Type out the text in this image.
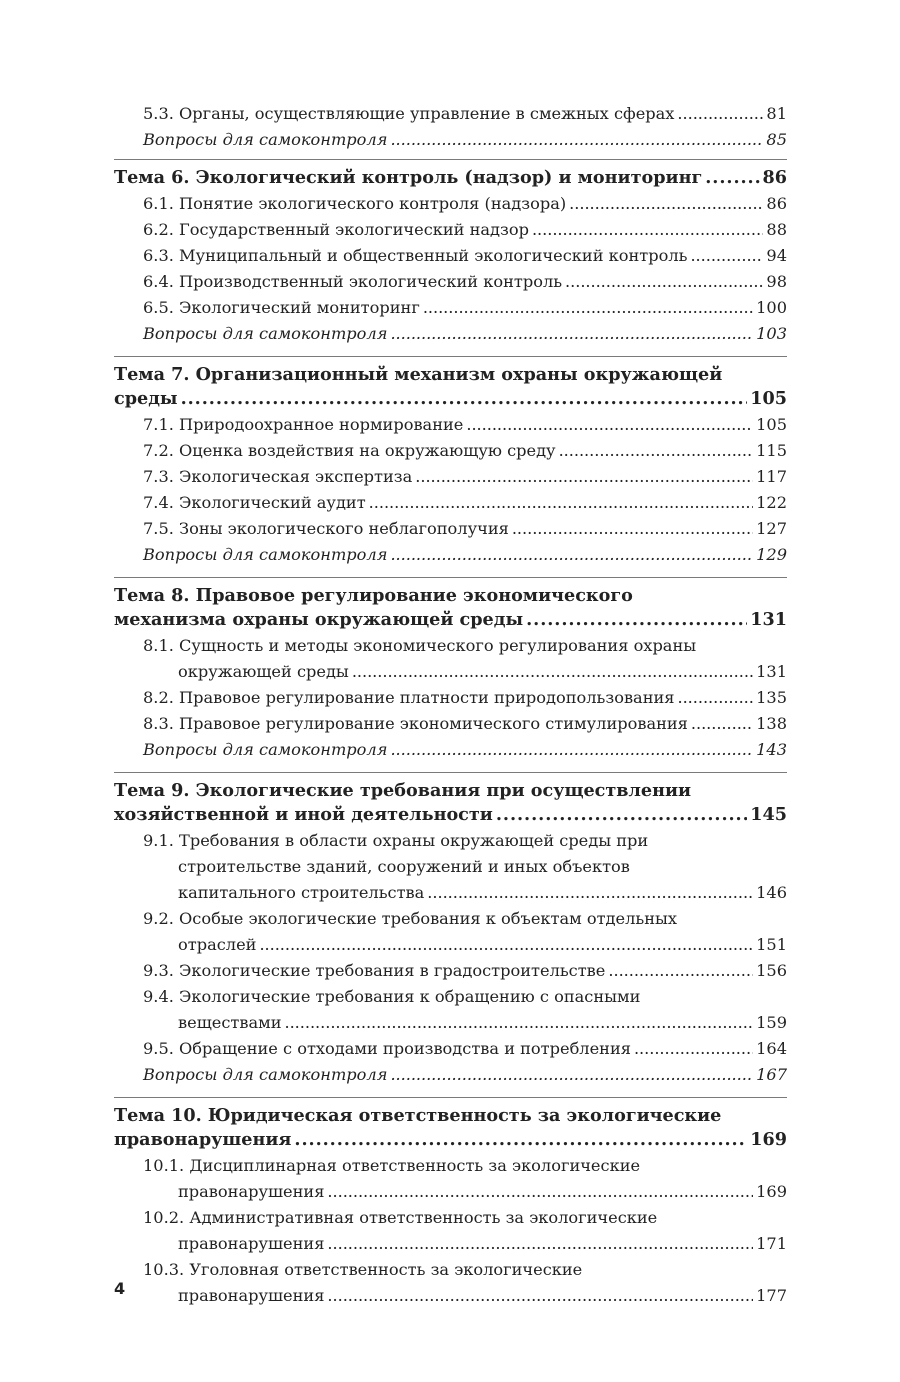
5.3. Органы, осуществляющие управление в смежных сферах . . .	81
Вопросы для самоконтроля . . .	85
Тема 6. Экологический контроль (надзор) и мониторинг . . .	86
6.1. Понятие экологического контроля (надзора) . . .	86
6.2. Государственный экологический надзор . . .	88
6.3. Муниципальный и общественный экологический контроль . . .	94
6.4. Производственный экологический контроль . . .	98
6.5. Экологический мониторинг . . .	100
Вопросы для самоконтроля . . .	103
Тема 7. Организационный механизм охраны окружающей
среды . . .	105
7.1. Природоохранное нормирование . . .	105
7.2. Оценка воздействия на окружающую среду . . .	115
7.3. Экологическая экспертиза . . .	117
7.4. Экологический аудит . . .	122
7.5. Зоны экологического неблагополучия . . .	127
Вопросы для самоконтроля . . .	129
Тема 8. Правовое регулирование экономического
механизма охраны окружающей среды . . .	131
8.1. Сущность и методы экономического регулирования охраны
окружающей среды . . .	131
8.2. Правовое регулирование платности природопользования . . .	135
8.3. Правовое регулирование экономического стимулирования . . .	138
Вопросы для самоконтроля . . .	143
Тема 9. Экологические требования при осуществлении
хозяйственной и иной деятельности . . .	145
9.1. Требования в области охраны окружающей среды при
строительстве зданий, сооружений и иных объектов
капитального строительства . . .	146
9.2. Особые экологические требования к объектам отдельных
отраслей . . .	151
9.3. Экологические требования в градостроительстве . . .	156
9.4. Экологические требования к обращению с опасными
веществами . . .	159
9.5. Обращение с отходами производства и потребления . . .	164
Вопросы для самоконтроля . . .	167
Тема 10. Юридическая ответственность за экологические
правонарушения . . .	169
10.1. Дисциплинарная ответственность за экологические
правонарушения . . .	169
10.2. Административная ответственность за экологические
правонарушения . . .	171
10.3. Уголовная ответственность за экологические
правонарушения . . .	177
4
